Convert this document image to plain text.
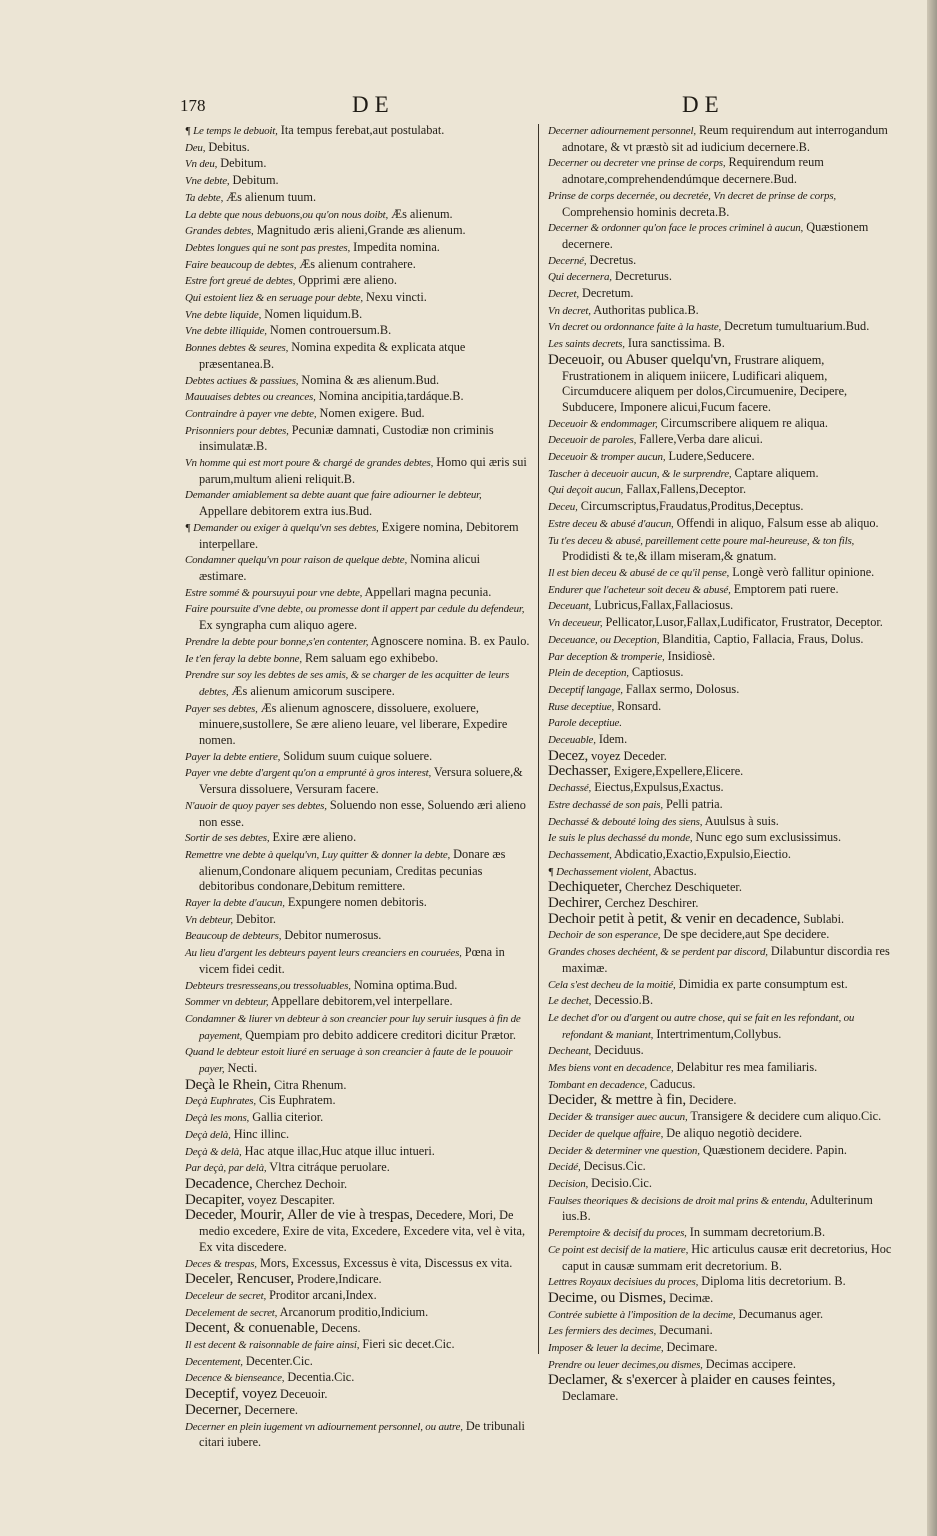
178	DE	DE

¶ Le temps le debuoit, Ita tempus ferebat,aut postulabat.

Deu, Debitus.

Vn deu, Debitum.

Vne debte, Debitum.

Ta debte, Æs alienum tuum.

La debte que nous debuons,ou qu'on nous doibt, Æs alienum.

Grandes debtes, Magnitudo æris alieni,Grande æs alienum.

Debtes longues qui ne sont pas prestes, Impedita nomina.

Faire beaucoup de debtes, Æs alienum contrahere.

Estre fort greué de debtes, Opprimi ære alieno.

Qui estoient liez & en seruage pour debte, Nexu vincti.

Vne debte liquide, Nomen liquidum.B.

Vne debte illiquide, Nomen controuersum.B.

Bonnes debtes & seures, Nomina expedita & explicata atque præsentanea.B.

Debtes actiues & passiues, Nomina & æs alienum.Bud.

Mauuaises debtes ou creances, Nomina ancipitia,tardáque.B.

Contraindre à payer vne debte, Nomen exigere. Bud.

Prisonniers pour debtes, Pecuniæ damnati, Custodiæ non criminis insimulatæ.B.

Vn homme qui est mort poure & chargé de grandes debtes, Homo qui æris sui parum,multum alieni reliquit.B.

Demander amiablement sa debte auant que faire adiourner le debteur, Appellare debitorem extra ius.Bud.

¶ Demander ou exiger à quelqu'vn ses debtes, Exigere nomina, Debitorem interpellare.

Condamner quelqu'vn pour raison de quelque debte, Nomina alicui æstimare.

Estre sommé & poursuyui pour vne debte, Appellari magna pecunia.

Faire poursuite d'vne debte, ou promesse dont il appert par cedule du defendeur, Ex syngrapha cum aliquo agere.

Prendre la debte pour bonne,s'en contenter, Agnoscere nomina. B. ex Paulo.

Ie t'en feray la debte bonne, Rem saluam ego exhibebo.

Prendre sur soy les debtes de ses amis, & se charger de les acquitter de leurs debtes, Æs alienum amicorum suscipere.

Payer ses debtes, Æs alienum agnoscere, dissoluere, exoluere, minuere,sustollere, Se ære alieno leuare, vel liberare, Expedire nomen.

Payer la debte entiere, Solidum suum cuique soluere.

Payer vne debte d'argent qu'on a emprunté à gros interest, Versura soluere,& Versura dissoluere, Versuram facere.

N'auoir de quoy payer ses debtes, Soluendo non esse, Soluendo æri alieno non esse.

Sortir de ses debtes, Exire ære alieno.

Remettre vne debte à quelqu'vn, Luy quitter & donner la debte, Donare æs alienum,Condonare aliquem pecuniam, Creditas pecunias debitoribus condonare,Debitum remittere.

Rayer la debte d'aucun, Expungere nomen debitoris.

Vn debteur, Debitor.

Beaucoup de debteurs, Debitor numerosus.

Au lieu d'argent les debteurs payent leurs creanciers en couruées, Pœna in vicem fidei cedit.

Debteurs tresresseans,ou tressoluables, Nomina optima.Bud.

Sommer vn debteur, Appellare debitorem,vel interpellare.

Condamner & liurer vn debteur à son creancier pour luy seruir iusques à fin de payement, Quempiam pro debito addicere creditori dicitur Prætor.

Quand le debteur estoit liuré en seruage à son creancier à faute de le pouuoir payer, Necti.

Deçà le Rhein, Citra Rhenum.

Deçà Euphrates, Cis Euphratem.

Deçà les mons, Gallia citerior.

Deçà delà, Hinc illinc.

Deçà & delà, Hac atque illac,Huc atque illuc intueri.

Par deçà, par delà, Vltra citráque peruolare.

Decadence, Cherchez Dechoir.

Decapiter, voyez Descapiter.

Deceder, Mourir, Aller de vie à trespas, Decedere, Mori, De medio excedere, Exire de vita, Excedere, Excedere vita, vel è vita, Ex vita discedere.

Deces & trespas, Mors, Excessus, Excessus è vita, Discessus ex vita.

Deceler, Rencuser, Prodere,Indicare.

Deceleur de secret, Proditor arcani,Index.

Decelement de secret, Arcanorum proditio,Indicium.

Decent, & conuenable, Decens.

Il est decent & raisonnable de faire ainsi, Fieri sic decet.Cic.

Decentement, Decenter.Cic.

Decence & bienseance, Decentia.Cic.

Deceptif, voyez Deceuoir.

Decerner, Decernere.

Decerner en plein iugement vn adiournement personnel, ou autre, De tribunali citari iubere.

Decerner adiournement personnel, Reum requirendum aut interrogandum adnotare, & vt præstò sit ad iudicium decernere.B.

Decerner ou decreter vne prinse de corps, Requirendum reum adnotare,comprehendendúmque decernere.Bud.

Prinse de corps decernée, ou decretée, Vn decret de prinse de corps, Comprehensio hominis decreta.B.

Decerner & ordonner qu'on face le proces criminel à aucun, Quæstionem decernere.

Decerné, Decretus.

Qui decernera, Decreturus.

Decret, Decretum.

Vn decret, Authoritas publica.B.

Vn decret ou ordonnance faite à la haste, Decretum tumultuarium.Bud.

Les saints decrets, Iura sanctissima. B.

Deceuoir, ou Abuser quelqu'vn, Frustrare aliquem, Frustrationem in aliquem iniicere, Ludificari aliquem, Circumducere aliquem per dolos,Circumuenire, Decipere, Subducere, Imponere alicui,Fucum facere.

Deceuoir & endommager, Circumscribere aliquem re aliqua.

Deceuoir de paroles, Fallere,Verba dare alicui.

Deceuoir & tromper aucun, Ludere,Seducere.

Tascher à deceuoir aucun, & le surprendre, Captare aliquem.

Qui deçoit aucun, Fallax,Fallens,Deceptor.

Deceu, Circumscriptus,Fraudatus,Proditus,Deceptus.

Estre deceu & abusé d'aucun, Offendi in aliquo, Falsum esse ab aliquo.

Tu t'es deceu & abusé, pareillement cette poure mal-heureuse, & ton fils, Prodidisti & te,& illam miseram,& gnatum.

Il est bien deceu & abusé de ce qu'il pense, Longè verò fallitur opinione.

Endurer que l'acheteur soit deceu & abusé, Emptorem pati ruere.

Deceuant, Lubricus,Fallax,Fallaciosus.

Vn deceueur, Pellicator,Lusor,Fallax,Ludificator, Frustrator, Deceptor.

Deceuance, ou Deception, Blanditia, Captio, Fallacia, Fraus, Dolus.

Par deception & tromperie, Insidiosè.

Plein de deception, Captiosus.

Deceptif langage, Fallax sermo, Dolosus.

Ruse deceptiue, Ronsard.

Parole deceptiue.

Deceuable, Idem.

Decez, voyez Deceder.

Dechasser, Exigere,Expellere,Elicere.

Dechassé, Eiectus,Expulsus,Exactus.

Estre dechassé de son pais, Pelli patria.

Dechassé & debouté loing des siens, Auulsus à suis.

Ie suis le plus dechassé du monde, Nunc ego sum exclusissimus.

Dechassement, Abdicatio,Exactio,Expulsio,Eiectio.

¶ Dechassement violent, Abactus.

Dechiqueter, Cherchez Deschiqueter.

Dechirer, Cerchez Deschirer.

Dechoir petit à petit, & venir en decadence, Sublabi.

Dechoir de son esperance, De spe decidere,aut Spe decidere.

Grandes choses dechéent, & se perdent par discord, Dilabuntur discordia res maximæ.

Cela s'est decheu de la moitié, Dimidia ex parte consumptum est.

Le dechet, Decessio.B.

Le dechet d'or ou d'argent ou autre chose, qui se fait en les refondant, ou refondant & maniant, Intertrimentum,Collybus.

Decheant, Deciduus.

Mes biens vont en decadence, Delabitur res mea familiaris.

Tombant en decadence, Caducus.

Decider, & mettre à fin, Decidere.

Decider & transiger auec aucun, Transigere & decidere cum aliquo.Cic.

Decider de quelque affaire, De aliquo negotiò decidere.

Decider & determiner vne question, Quæstionem decidere. Papin.

Decidé, Decisus.Cic.

Decision, Decisio.Cic.

Faulses theoriques & decisions de droit mal prins & entendu, Adulterinum ius.B.

Peremptoire & decisif du proces, In summam decretorium.B.

Ce point est decisif de la matiere, Hic articulus causæ erit decretorius, Hoc caput in causæ summam erit decretorium. B.

Lettres Royaux decisiues du proces, Diploma litis decretorium. B.

Decime, ou Dismes, Decimæ.

Contrée subiette à l'imposition de la decime, Decumanus ager.

Les fermiers des decimes, Decumani.

Imposer & leuer la decime, Decimare.

Prendre ou leuer decimes,ou dismes, Decimas accipere.

Declamer, & s'exercer à plaider en causes feintes, Declamare.
